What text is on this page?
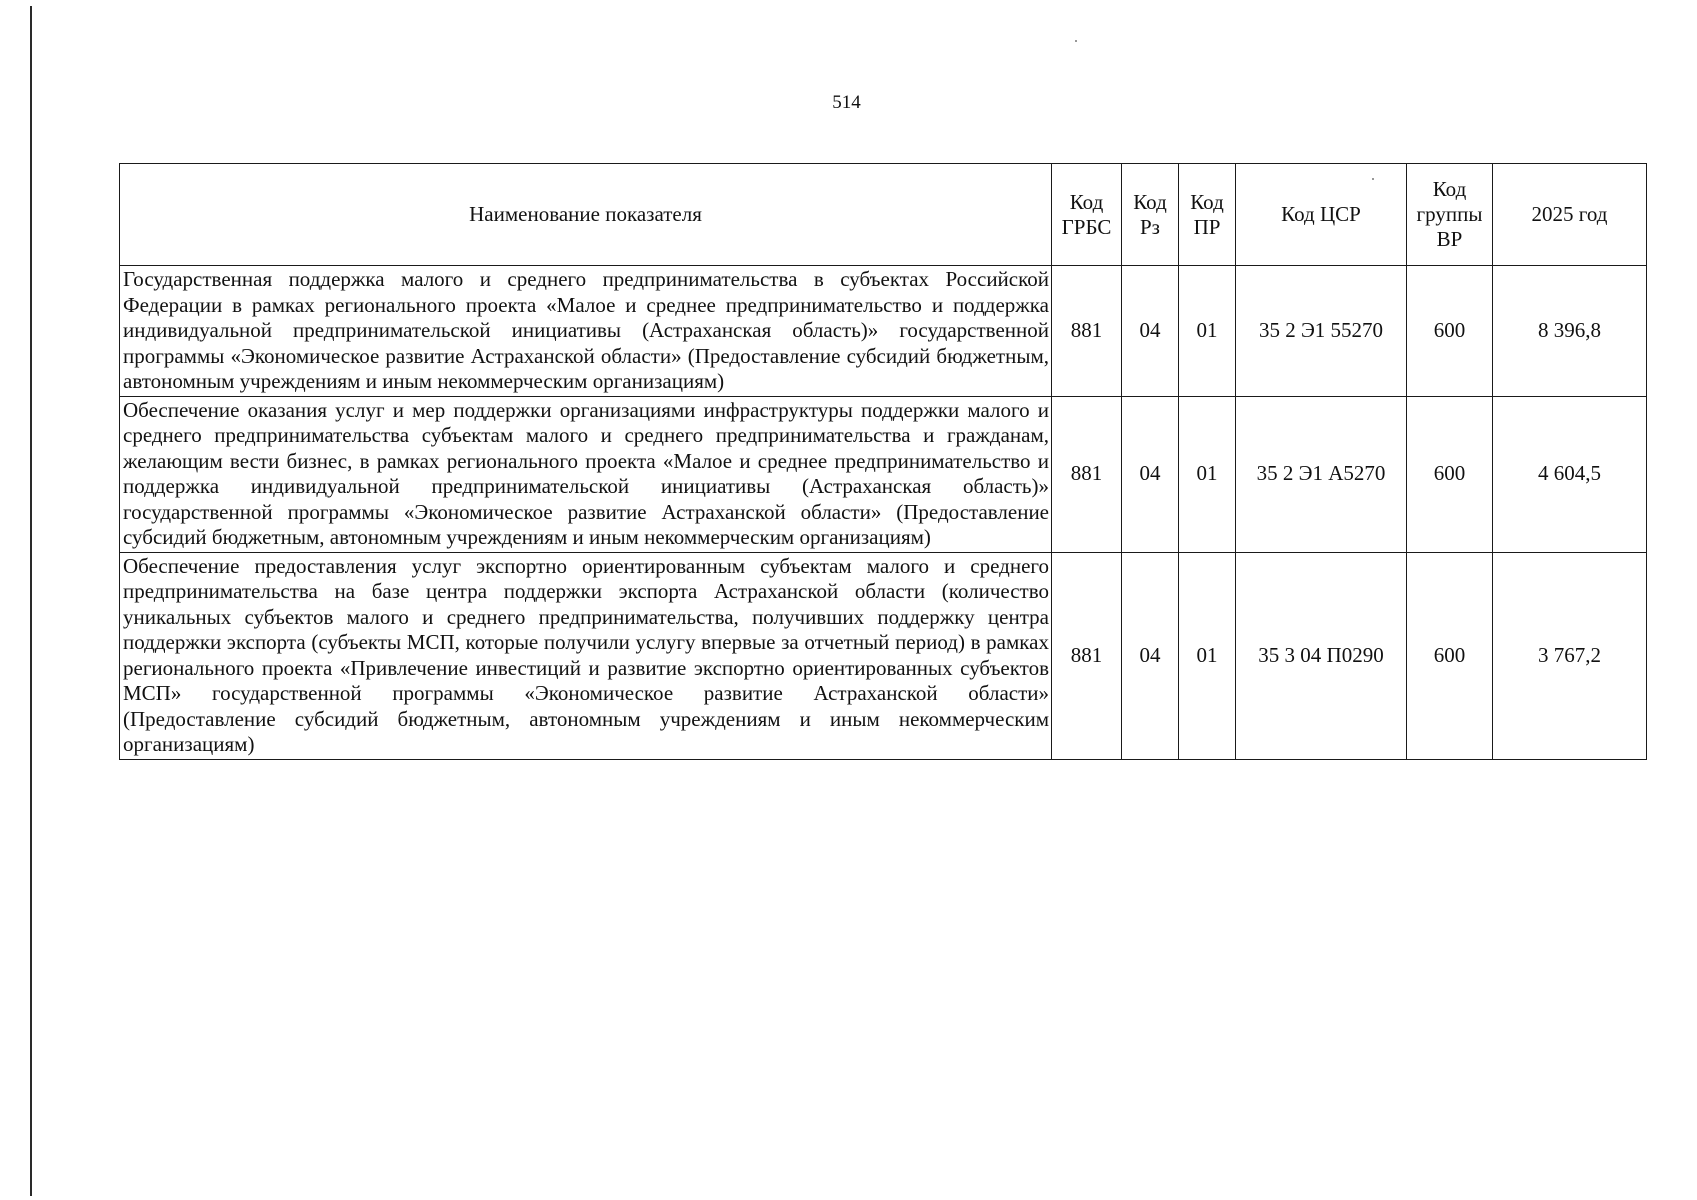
514
Наименование показателя	Код ГРБС	Код Рз	Код ПР	Код ЦСР	Код группы ВР	2025 год
Государственная поддержка малого и среднего предпринимательства в субъектах Российской Федерации в рамках регионального проекта «Малое и среднее предпринимательство и поддержка индивидуальной предпринимательской инициативы (Астраханская область)» государственной программы «Экономическое развитие Астраханской области» (Предоставление субсидий бюджетным, автономным учреждениям и иным некоммерческим организациям)	881	04	01	35 2 Э1 55270	600	8 396,8
Обеспечение оказания услуг и мер поддержки организациями инфраструктуры поддержки малого и среднего предпринимательства субъектам малого и среднего предпринимательства и гражданам, желающим вести бизнес, в рамках регионального проекта «Малое и среднее предпринимательство и поддержка индивидуальной предпринимательской инициативы (Астраханская область)» государственной программы «Экономическое развитие Астраханской области» (Предоставление субсидий бюджетным, автономным учреждениям и иным некоммерческим организациям)	881	04	01	35 2 Э1 А5270	600	4 604,5
Обеспечение предоставления услуг экспортно ориентированным субъектам малого и среднего предпринимательства на базе центра поддержки экспорта Астраханской области (количество уникальных субъектов малого и среднего предпринимательства, получивших поддержку центра поддержки экспорта (субъекты МСП, которые получили услугу впервые за отчетный период) в рамках регионального проекта «Привлечение инвестиций и развитие экспортно ориентированных субъектов МСП» государственной программы «Экономическое развитие Астраханской области» (Предоставление субсидий бюджетным, автономным учреждениям и иным некоммерческим организациям)	881	04	01	35 3 04 П0290	600	3 767,2
